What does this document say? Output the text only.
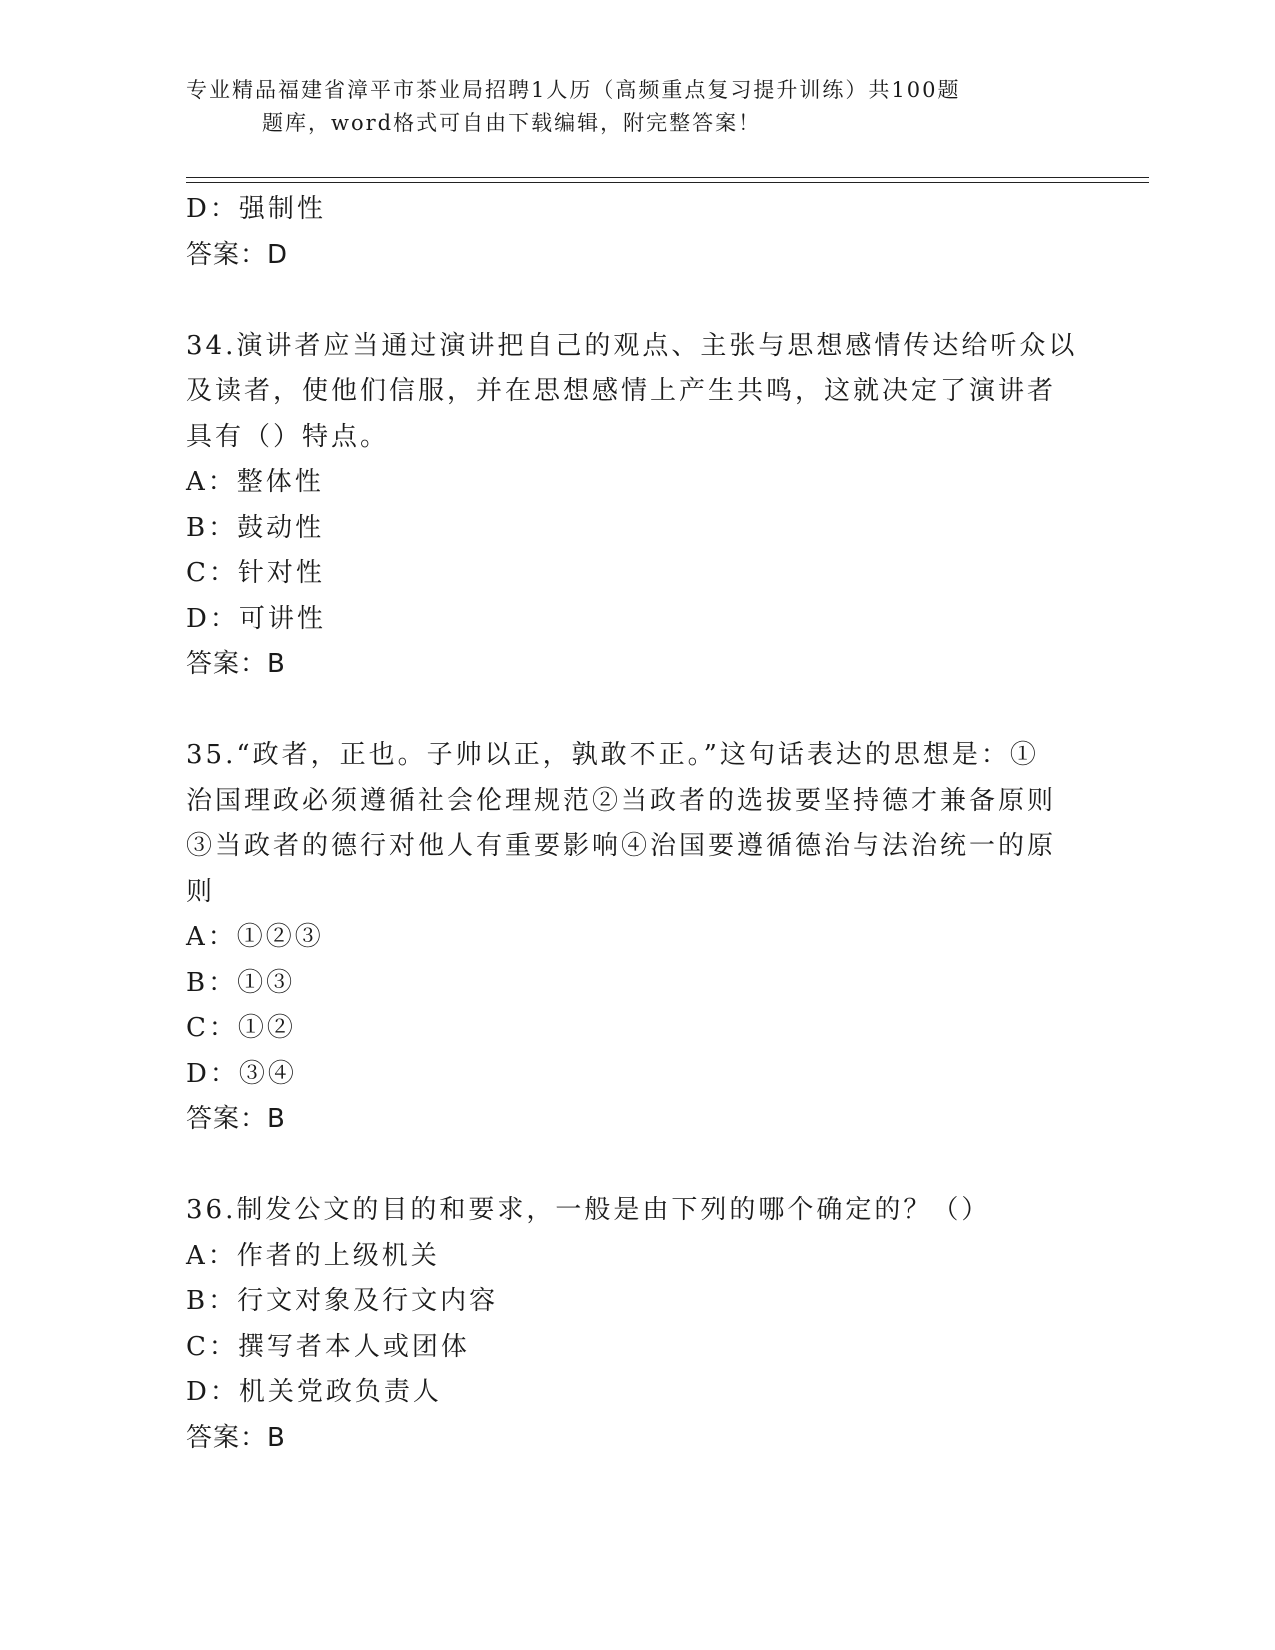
专业精品福建省漳平市茶业局招聘1人历（高频重点复习提升训练）共100题
题库，word格式可自由下载编辑，附完整答案！
D：强制性
答案：D
34.演讲者应当通过演讲把自己的观点、主张与思想感情传达给听众以
及读者，使他们信服，并在思想感情上产生共鸣，这就决定了演讲者
具有（）特点。
A：整体性
B：鼓动性
C：针对性
D：可讲性
答案：B
35.“政者，正也。子帅以正，孰敢不正。”这句话表达的思想是：①
治国理政必须遵循社会伦理规范②当政者的选拔要坚持德才兼备原则
③当政者的德行对他人有重要影响④治国要遵循德治与法治统一的原
则
A：①②③
B：①③
C：①②
D：③④
答案：B
36.制发公文的目的和要求，一般是由下列的哪个确定的？（）
A：作者的上级机关
B：行文对象及行文内容
C：撰写者本人或团体
D：机关党政负责人
答案：B
